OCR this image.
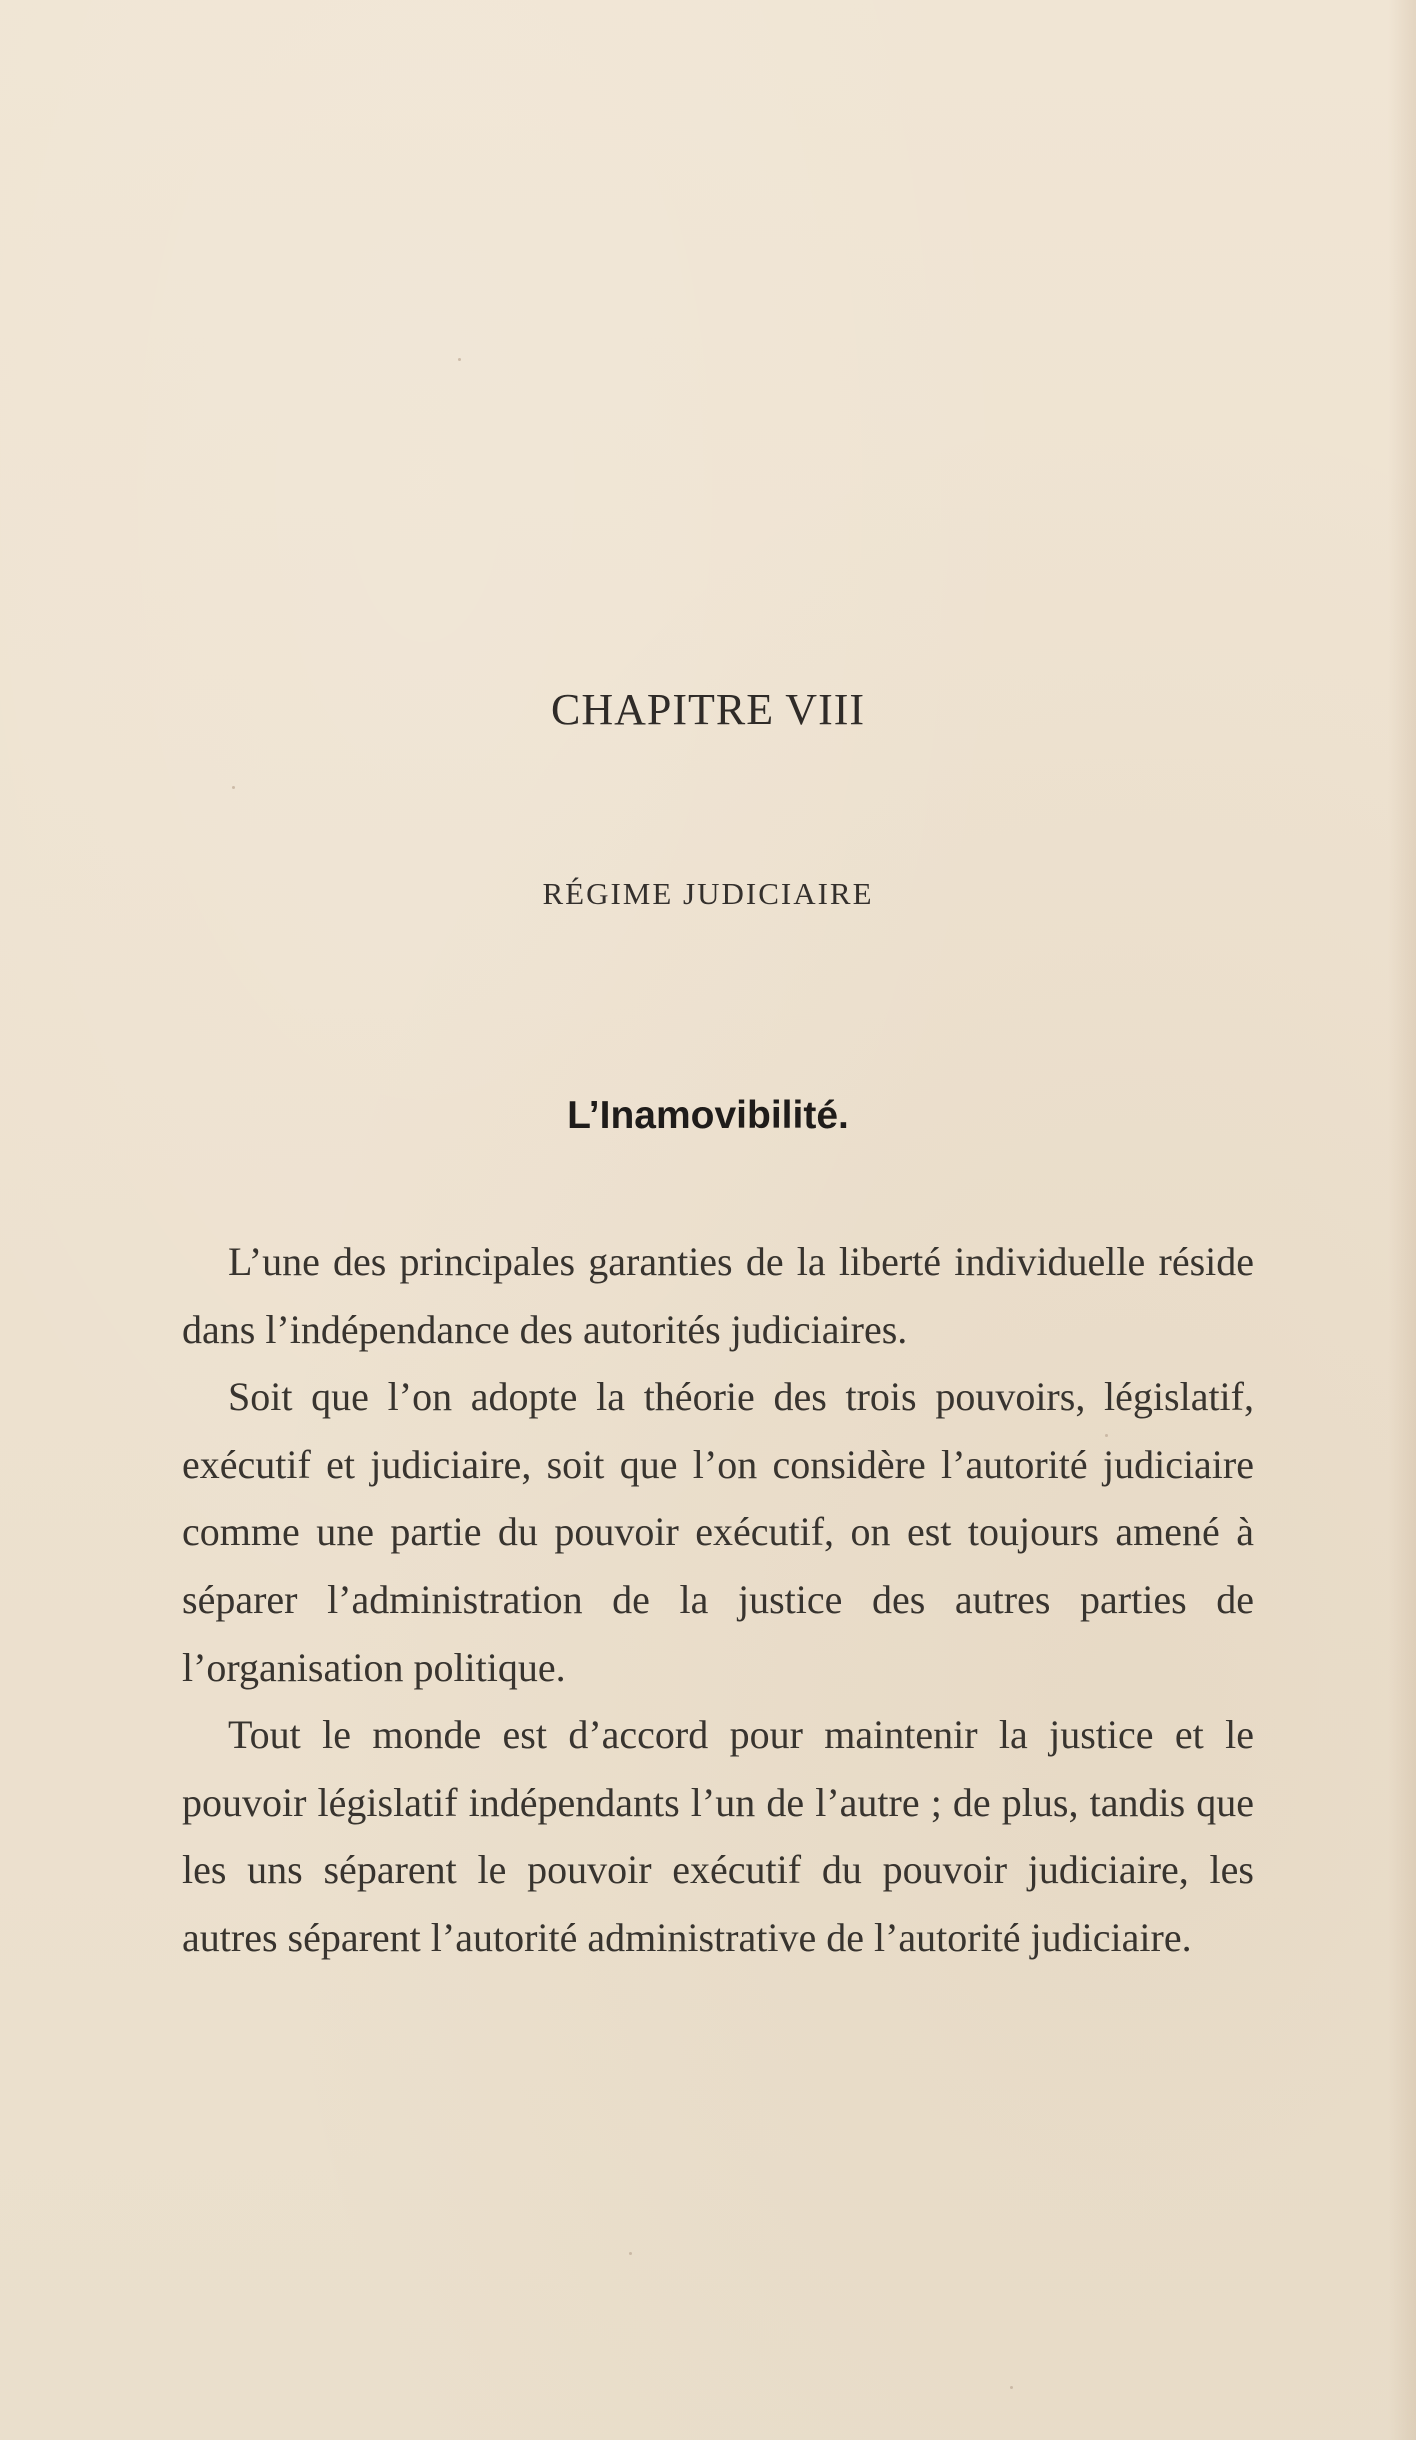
CHAPITRE VIII
RÉGIME JUDICIAIRE
L’Inamovibilité.

L’une des principales garanties de la liberté individuelle réside dans l’indépendance des autorités judiciaires.

Soit que l’on adopte la théorie des trois pouvoirs, législatif, exécutif et judiciaire, soit que l’on considère l’autorité judiciaire comme une partie du pouvoir exécutif, on est toujours amené à séparer l’administration de la justice des autres parties de l’organisation politique.

Tout le monde est d’accord pour maintenir la justice et le pouvoir législatif indépendants l’un de l’autre ; de plus, tandis que les uns séparent le pouvoir exécutif du pouvoir judiciaire, les autres séparent l’autorité administrative de l’autorité judiciaire.
